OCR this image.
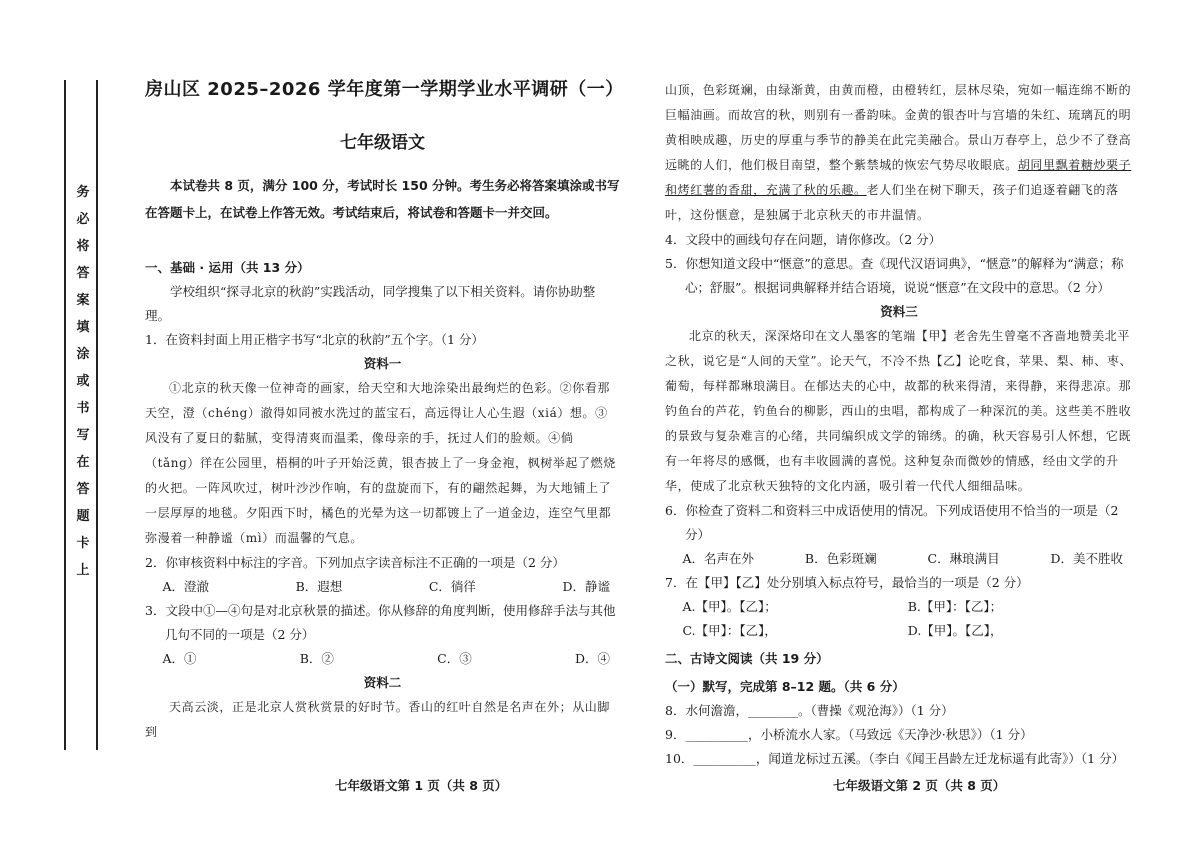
务
必
将
答
案
填
涂
或
书
写
在
答
题
卡
上
房山区 2025–2026 学年度第一学期学业水平调研（一）
七年级语文

本试卷共 8 页，满分 100 分，考试时长 150 分钟。考生务必将答案填涂或书写在答题卡上，在试卷上作答无效。考试结束后，将试卷和答题卡一并交回。

一、基础 · 运用（共 13 分）

学校组织“探寻北京的秋韵”实践活动，同学搜集了以下相关资料。请你协助整理。

1．在资料封面上用正楷字书写“北京的秋韵”五个字。（1 分）

资料一

①北京的秋天像一位神奇的画家，给天空和大地涂染出最绚烂的色彩。②你看那天空，澄（chéng）澈得如同被水洗过的蓝宝石，高远得让人心生遐（xiá）想。③风没有了夏日的黏腻，变得清爽而温柔，像母亲的手，抚过人们的脸颊。④倘（tǎng）徉在公园里，梧桐的叶子开始泛黄，银杏披上了一身金袍，枫树举起了燃烧的火把。一阵风吹过，树叶沙沙作响，有的盘旋而下，有的翩然起舞，为大地铺上了一层厚厚的地毯。夕阳西下时，橘色的光晕为这一切都镀上了一道金边，连空气里都弥漫着一种静谧（mì）而温馨的气息。

2．你审核资料中标注的字音。下列加点字读音标注不正确的一项是（2 分）

A．澄澈	B．遐想	C．徜徉	D．静谧

3．文段中①—④句是对北京秋景的描述。你从修辞的角度判断，使用修辞手法与其他几句不同的一项是（2 分）

A．①	B．②	C．③	D．④

资料二

天高云淡，正是北京人赏秋赏景的好时节。香山的红叶自然是名声在外；从山脚到

七年级语文第 1 页（共 8 页）

山顶，色彩斑斓，由绿渐黄，由黄而橙，由橙转红，层林尽染，宛如一幅连绵不断的巨幅油画。而故宫的秋，则别有一番韵味。金黄的银杏叶与宫墙的朱红、琉璃瓦的明黄相映成趣，历史的厚重与季节的静美在此完美融合。景山万春亭上，总少不了登高远眺的人们，他们极目南望，整个紫禁城的恢宏气势尽收眼底。胡同里飘着糖炒栗子和烤红薯的香甜，充满了秋的乐趣。老人们坐在树下聊天，孩子们追逐着翩飞的落叶，这份惬意，是独属于北京秋天的市井温情。

4．文段中的画线句存在问题，请你修改。（2 分）

5．你想知道文段中“惬意”的意思。查《现代汉语词典》，“惬意”的解释为“满意；称心；舒服”。根据词典解释并结合语境，说说“惬意”在文段中的意思。（2 分）

资料三

北京的秋天，深深烙印在文人墨客的笔端【甲】老舍先生曾毫不吝啬地赞美北平之秋，说它是“人间的天堂”。论天气，不冷不热【乙】论吃食，苹果、梨、柿、枣、葡萄，每样都琳琅满目。在郁达夫的心中，故都的秋来得清，来得静，来得悲凉。那钓鱼台的芦花，钓鱼台的柳影，西山的虫唱，都构成了一种深沉的美。这些美不胜收的景致与复杂难言的心绪，共同编织成文学的锦绣。的确，秋天容易引人怀想，它既有一年将尽的感慨，也有丰收圆满的喜悦。这种复杂而微妙的情感，经由文学的升华，使成了北京秋天独特的文化内涵，吸引着一代代人细细品味。

6．你检查了资料二和资料三中成语使用的情况。下列成语使用不恰当的一项是（2 分）

A．名声在外	B．色彩斑斓	C．琳琅满目	D．美不胜收

7．在【甲】【乙】处分别填入标点符号，最恰当的一项是（2 分）

A.【甲】。【乙】；	B.【甲】：【乙】；
C.【甲】：【乙】，	D.【甲】。【乙】，

二、古诗文阅读（共 19 分）

（一）默写，完成第 8–12 题。（共 6 分）

8．水何澹澹，________。（曹操《观沧海》）（1 分）

9．__________，小桥流水人家。（马致远《天净沙·秋思》）（1 分）

10．__________，闻道龙标过五溪。（李白《闻王昌龄左迁龙标遥有此寄》）（1 分）

七年级语文第 2 页（共 8 页）
